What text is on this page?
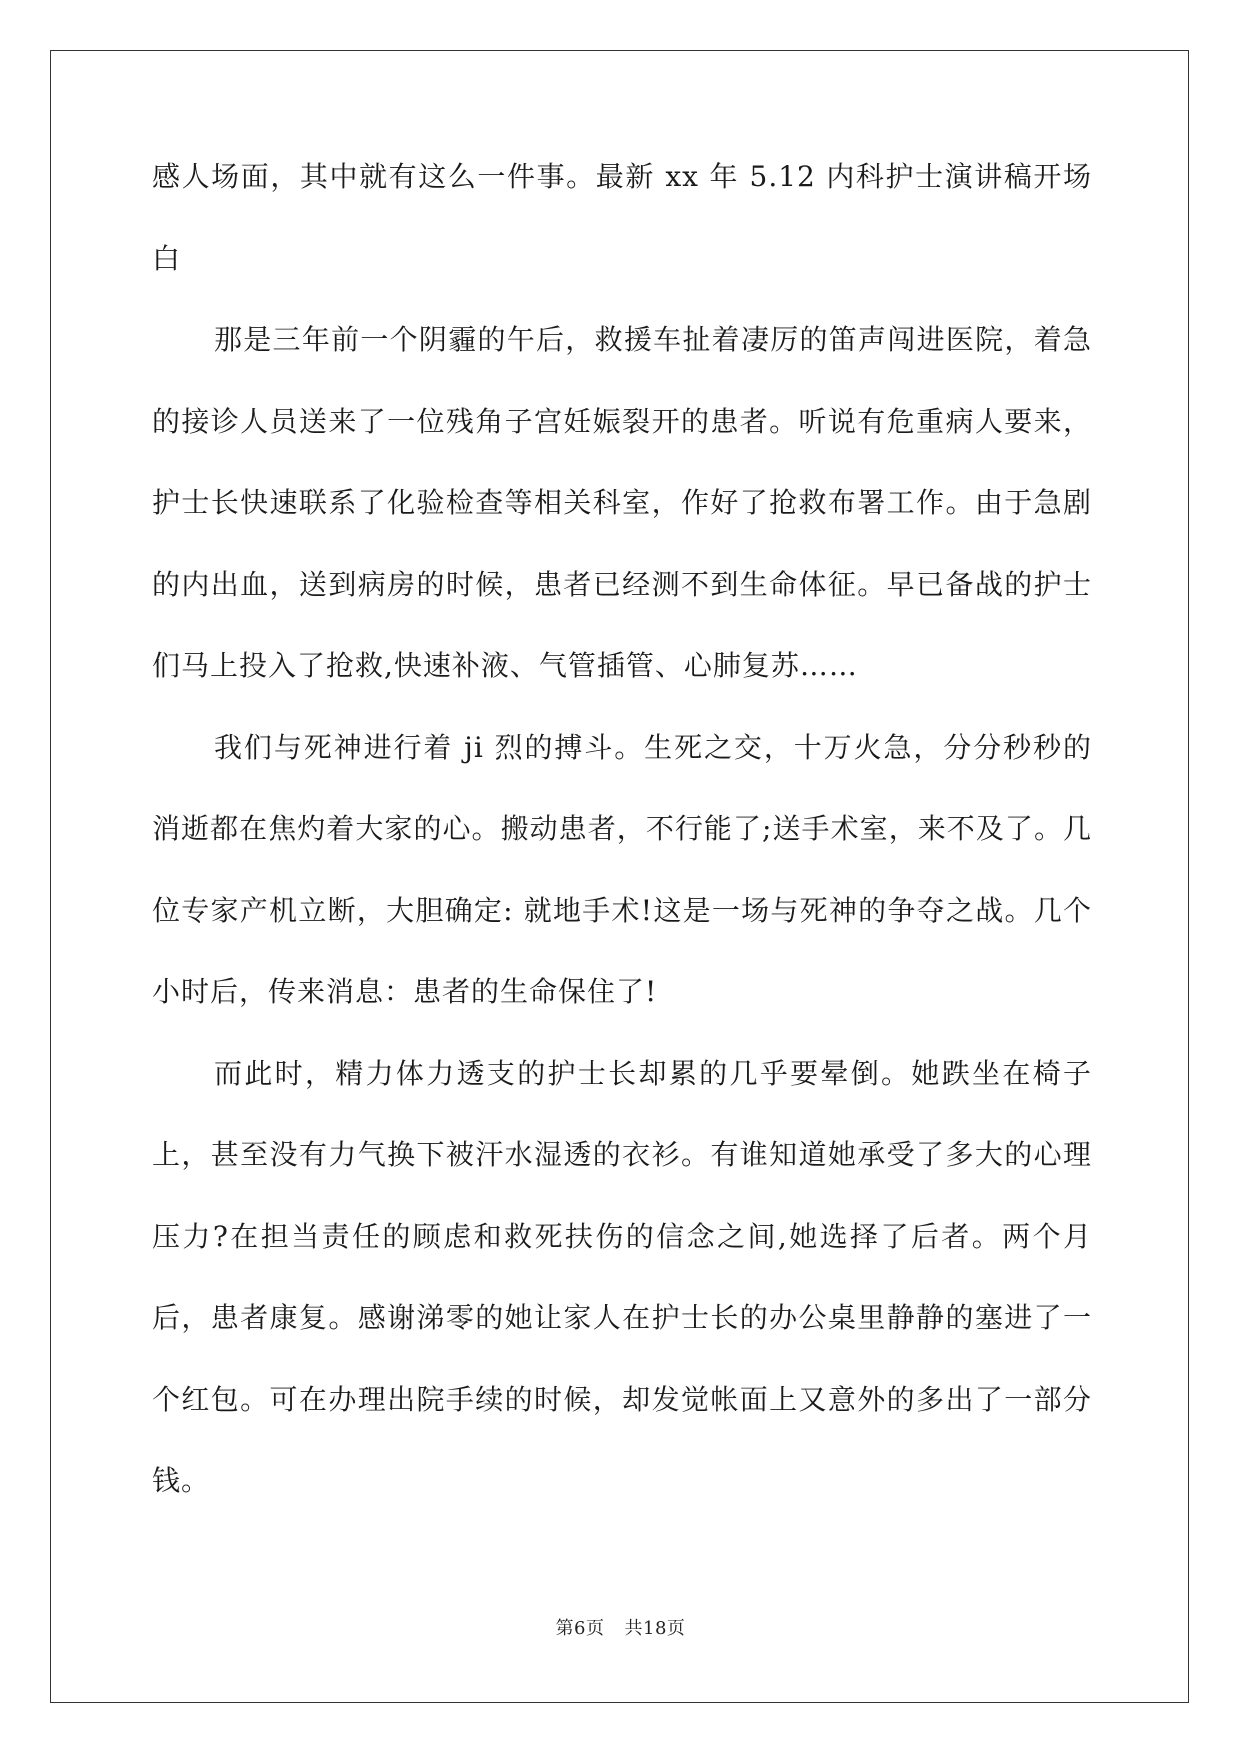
感人场面，其中就有这么一件事。最新 xx 年 5.12 内科护士演讲稿开场白

那是三年前一个阴霾的午后，救援车扯着凄厉的笛声闯进医院，着急的接诊人员送来了一位残角子宫妊娠裂开的患者。听说有危重病人要来，护士长快速联系了化验检查等相关科室，作好了抢救布署工作。由于急剧的内出血，送到病房的时候，患者已经测不到生命体征。早已备战的护士们马上投入了抢救,快速补液、气管插管、心肺复苏……

我们与死神进行着 ji 烈的搏斗。生死之交，十万火急，分分秒秒的消逝都在焦灼着大家的心。搬动患者，不行能了;送手术室，来不及了。几位专家产机立断，大胆确定: 就地手术!这是一场与死神的争夺之战。几个小时后，传来消息：患者的生命保住了!

而此时，精力体力透支的护士长却累的几乎要晕倒。她跌坐在椅子上，甚至没有力气换下被汗水湿透的衣衫。有谁知道她承受了多大的心理压力?在担当责任的顾虑和救死扶伤的信念之间,她选择了后者。两个月后，患者康复。感谢涕零的她让家人在护士长的办公桌里静静的塞进了一个红包。可在办理出院手续的时候，却发觉帐面上又意外的多出了一部分钱。

第6页 共18页
